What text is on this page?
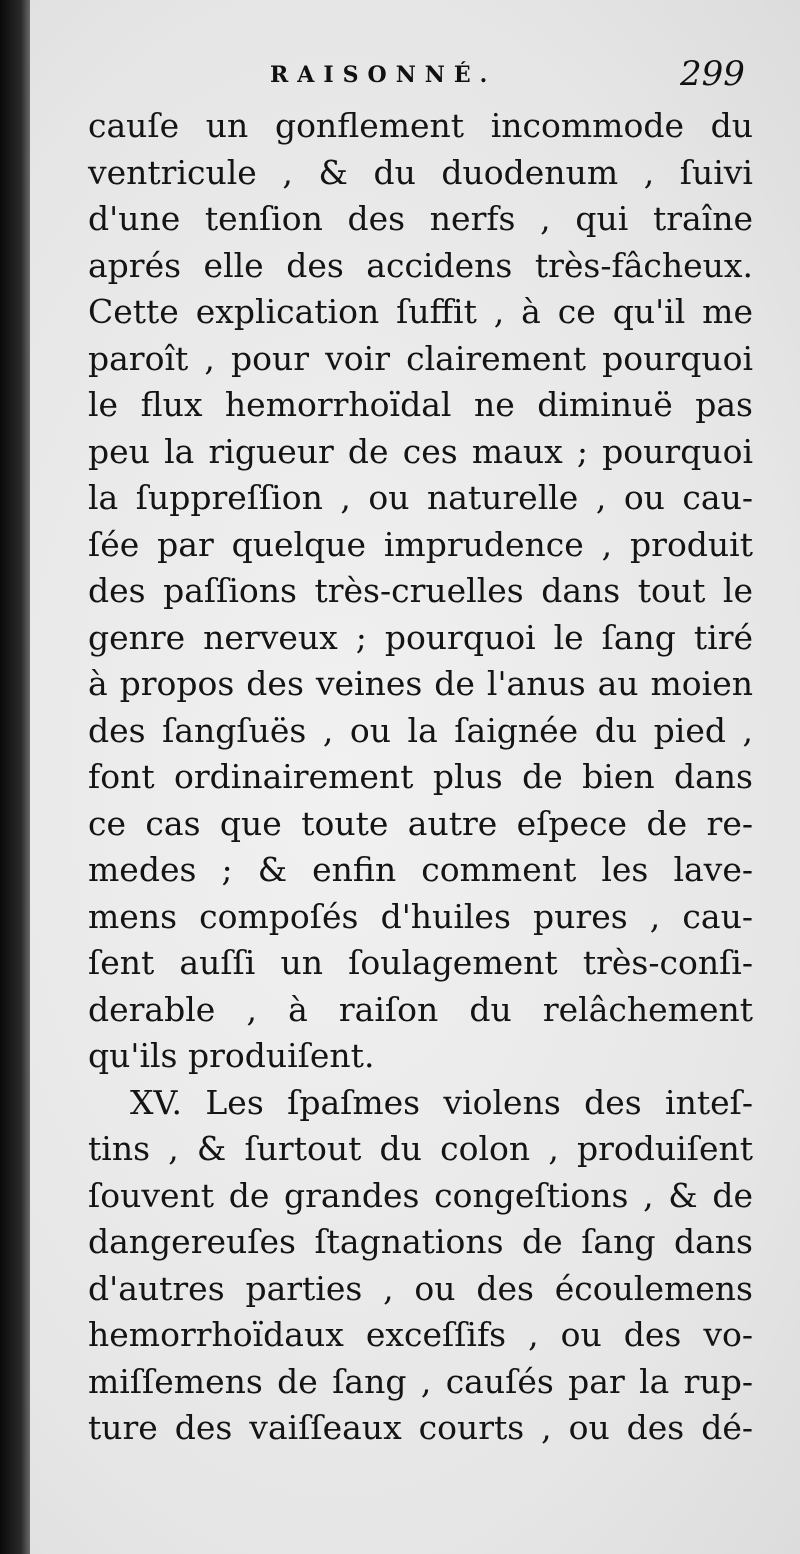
RAISONNÉ.	299
cauſe un gonflement incommode du
ventricule , & du duodenum , ſuivi
d'une tenſion des nerfs , qui traîne
aprés elle des accidens très-fâcheux.
Cette explication ſuffit , à ce qu'il me
paroît , pour voir clairement pourquoi
le flux hemorrhoïdal ne diminuë pas
peu la rigueur de ces maux ; pourquoi
la ſuppreſſion , ou naturelle , ou cau-
ſée par quelque imprudence , produit
des paſſions très-cruelles dans tout le
genre nerveux ; pourquoi le ſang tiré
à propos des veines de l'anus au moien
des ſangſuës , ou la ſaignée du pied ,
font ordinairement plus de bien dans
ce cas que toute autre eſpece de re-
medes ; & enfin comment les lave-
mens compoſés d'huiles pures , cau-
ſent auſſi un ſoulagement très-conſi-
derable , à raiſon du relâchement
qu'ils produiſent.
XV. Les ſpaſmes violens des inteſ-
tins , & ſurtout du colon , produiſent
ſouvent de grandes congeſtions , & de
dangereuſes ſtagnations de ſang dans
d'autres parties , ou des écoulemens
hemorrhoïdaux exceſſifs , ou des vo-
miſſemens de ſang , cauſés par la rup-
ture des vaiſſeaux courts , ou des dé-
